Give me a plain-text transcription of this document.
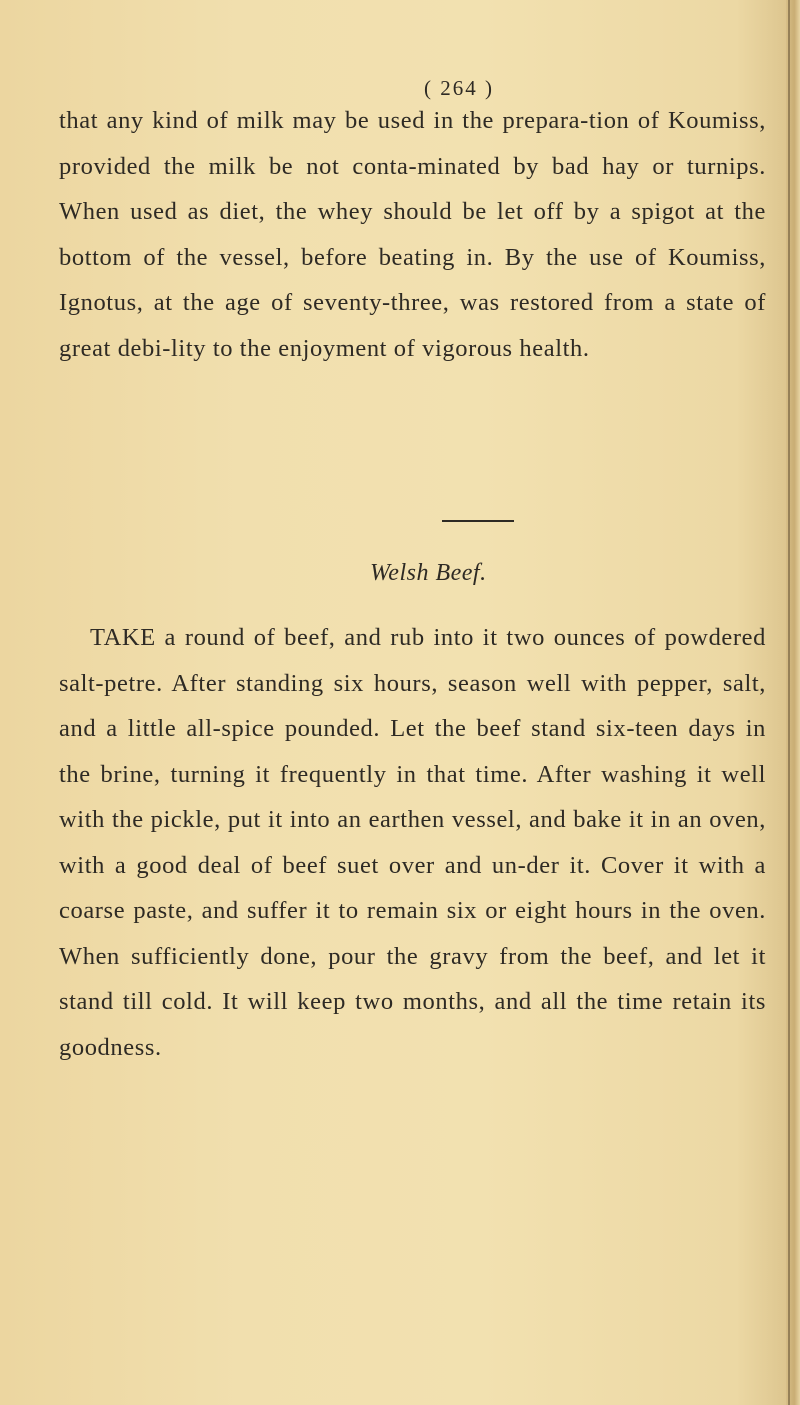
( 264 )

that any kind of milk may be used in the prepara-tion of Koumiss, provided the milk be not conta-minated by bad hay or turnips. When used as diet, the whey should be let off by a spigot at the bottom of the vessel, before beating in. By the use of Koumiss, Ignotus, at the age of seventy-three, was restored from a state of great debi-lity to the enjoyment of vigorous health.

Welsh Beef.

TAKE a round of beef, and rub into it two ounces of powdered salt-petre. After standing six hours, season well with pepper, salt, and a little all-spice pounded. Let the beef stand six-teen days in the brine, turning it frequently in that time. After washing it well with the pickle, put it into an earthen vessel, and bake it in an oven, with a good deal of beef suet over and un-der it. Cover it with a coarse paste, and suffer it to remain six or eight hours in the oven. When sufficiently done, pour the gravy from the beef, and let it stand till cold. It will keep two months, and all the time retain its goodness.
